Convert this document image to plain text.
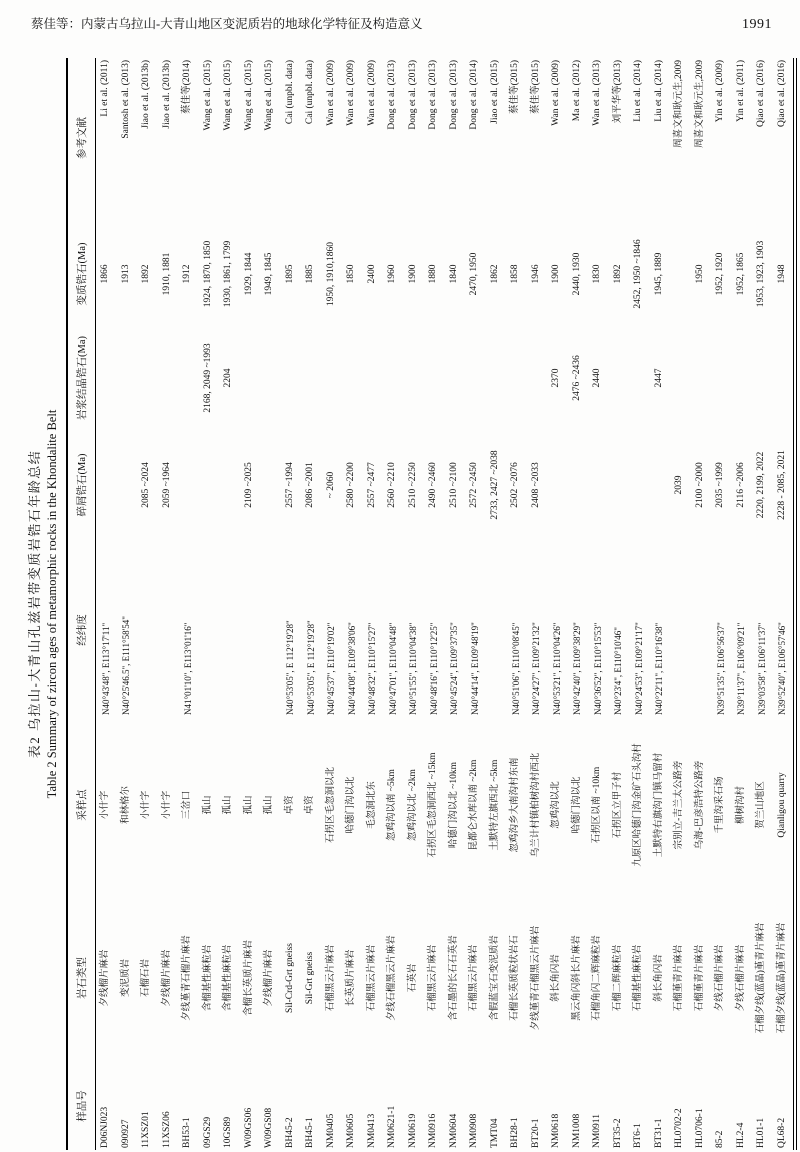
蔡佳等：内蒙古乌拉山-大青山地区变泥质岩的地球化学特征及构造意义	1991
表2 乌拉山-大青山孔兹岩带变质岩锆石年龄总结 Table 2 Summary of zircon ages of metamorphic rocks in the Khondalite Belt
样品号	岩石类型	采样点	经纬度	碎屑锆石(Ma)	岩浆结晶锆石(Ma)	变质锆石(Ma)	参考文献
D06NJ023	夕线榴片麻岩	小什字	N40°43'48", E113°17'11"			1866	Li et al. (2011)
090927	变泥质岩	和林格尔	N40°25'46.5", E111°58'54"			1913	Santosh et al. (2013)
11XSZ01	石榴石岩	小什字		2085 ~2024		1892	Jiao et al. (2013b)
11XSZ06	夕线榴片麻岩	小什字		2059 ~1964		1910, 1881	Jiao et al. (2013b)
BH53-1	夕线堇青石榴片麻岩	三岔口	N41°01'10", E113°01'16"			1912	蔡佳等(2014)
09GS29	含榴基性麻粒岩	孤山			2168, 2049 ~1993	1924, 1870, 1850	Wang et al. (2015)
10GS89	含榴基性麻粒岩	孤山			2204	1930, 1861, 1799	Wang et al. (2015)
W09GS06	含榴长英质片麻岩	孤山		2109 ~2025		1929, 1844	Wang et al. (2015)
W09GS08	夕线榴片麻岩	孤山				1949, 1845	Wang et al. (2015)
BH45-2	Sil-Crd-Grt gneiss	卓资	N40°53'05", E 112°19'28"	2557 ~1994		1895	Cai (unpbl. data)
BH45-1	Sil-Grt gneiss	卓资	N40°53'05", E 112°19'28"	2086 ~2001		1885	Cai (unpbl. data)
NM0405	石榴黑云片麻岩	石拐区毛忽洞以北	N40°45'37", E110°19'02"	~ 2060		1950, 1910,1860	Wan et al. (2009)
NM0605	长英质片麻岩	哈德门沟以北	N40°44'08", E109°38'06"	2580 ~2200		1850	Wan et al. (2009)
NM0413	石榴黑云片麻岩	毛忽洞北东	N40°48'32", E110°15'27"	2557 ~2477		2400	Wan et al. (2009)
NM0621-1	夕线石榴黑云片麻岩	忽鸡沟以南 ~5km	N40°47'01", E110°04'48"	2560 ~2210		1960	Dong et al. (2013)
NM0619	石英岩	忽鸡沟以北 ~2km	N40°51'55", E110°04'38"	2510 ~2250		1900	Dong et al. (2013)
NM0916	石榴黑云片麻岩	石拐区毛忽洞西北 ~15km	N40°48'16", E110°12'25"	2490 ~2460		1880	Dong et al. (2013)
NM0604	含石墨的长石石英岩	哈德门沟以北 ~10km	N40°45'24", E109°37'35"	2510 ~2100		1840	Dong et al. (2013)
NM0908	石榴黑云片麻岩	昆都仑水库以南 ~2km	N40°44'14", E109°48'19"	2572 ~2450		2470, 1950	Dong et al. (2014)
TMT04	含假蓝宝石变泥质岩	土默特左旗西北 ~5km		2733, 2427 ~2038		1862	Jiao et al. (2015)
BH28-1	石榴长英质粒状岩石	忽鸡沟乡大南沟村东南	N40°51'06", E110°08'45"	2502 ~2076		1858	蔡佳等(2015)
BT20-1	夕线堇青石榴黑云片麻岩	乌兰计村镇柏树沟村西北	N40°24'27", E109°21'32"	2408 ~2033		1946	蔡佳等(2015)
NM0618	斜长角闪岩	忽鸡沟以北	N40°53'21", E110°04'26"		2370	1900	Wan et al. (2009)
NM1008	黑云角闪斜长片麻岩	哈德门沟以北	N40°42'40", E109°38'29"		2476 ~2436	2440, 1930	Ma et al. (2012)
NM0911	石榴角闪二辉麻粒岩	石拐区以南 ~10km	N40°36'52", E110°15'53"		2440	1830	Wan et al. (2013)
BT35-2	石榴二辉麻粒岩	石拐区立甲子村	N40°23'4", E110°10'46"			1892	刘平华等(2013)
BT6-1	石榴基性麻粒岩	九原区哈德门沟金矿石头沟村	N40°24'53", E109°21'17"			2452, 1950 ~1846	Liu et al. (2014)
BT31-1	斜长角闪岩	土默特右旗沟门镇马留村	N40°22'11", E110°16'38"		2447	1945, 1889	Liu et al. (2014)
HL0702-2	石榴堇青片麻岩	宗别立-吉兰太公路旁		2039			周喜文和耿元生,2009
HL0706-1	石榴堇青片麻岩	乌海-巴彦浩特公路旁		2100 ~2000		1950	周喜文和耿元生,2009
85-2	夕线石榴片麻岩	千里沟采石场	N39°51'35", E106°56'37"	2035 ~1999		1952, 1920	Yin et al. (2009)
HL2-4	夕线石榴片麻岩	柳树沟村	N39°11'37", E106°09'21"	2116 ~2006		1952, 1865	Yin et al. (2011)
HL01-1	石榴夕线(蓝晶)堇青片麻岩	贺兰山地区	N39°03'58", E106°11'37"	2220, 2199, 2022		1953, 1923, 1903	Qiao et al. (2016)
QL68-2	石榴夕线(蓝晶)堇青片麻岩	Qianligou quarry	N39°52'40", E106°57'46"	2228 - 2085, 2021		1948	Qiao et al. (2016)
